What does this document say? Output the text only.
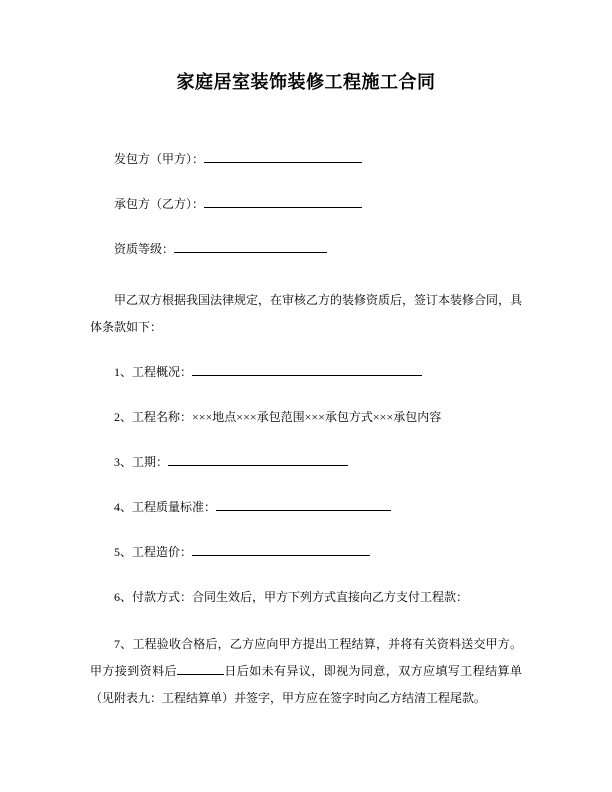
家庭居室装饰装修工程施工合同

发包方（甲方）：

承包方（乙方）：

资质等级：

甲乙双方根据我国法律规定，在审核乙方的装修资质后，签订本装修合同，具体条款如下：

1、工程概况：

2、工程名称：×××地点×××承包范围×××承包方式×××承包内容

3、工期：

4、工程质量标准：

5、工程造价：

6、付款方式：合同生效后，甲方下列方式直接向乙方支付工程款：

7、工程验收合格后，乙方应向甲方提出工程结算，并将有关资料送交甲方。甲方接到资料后	日后如未有异议，即视为同意，双方应填写工程结算单（见附表九：工程结算单）并签字，甲方应在签字时向乙方结清工程尾款。
